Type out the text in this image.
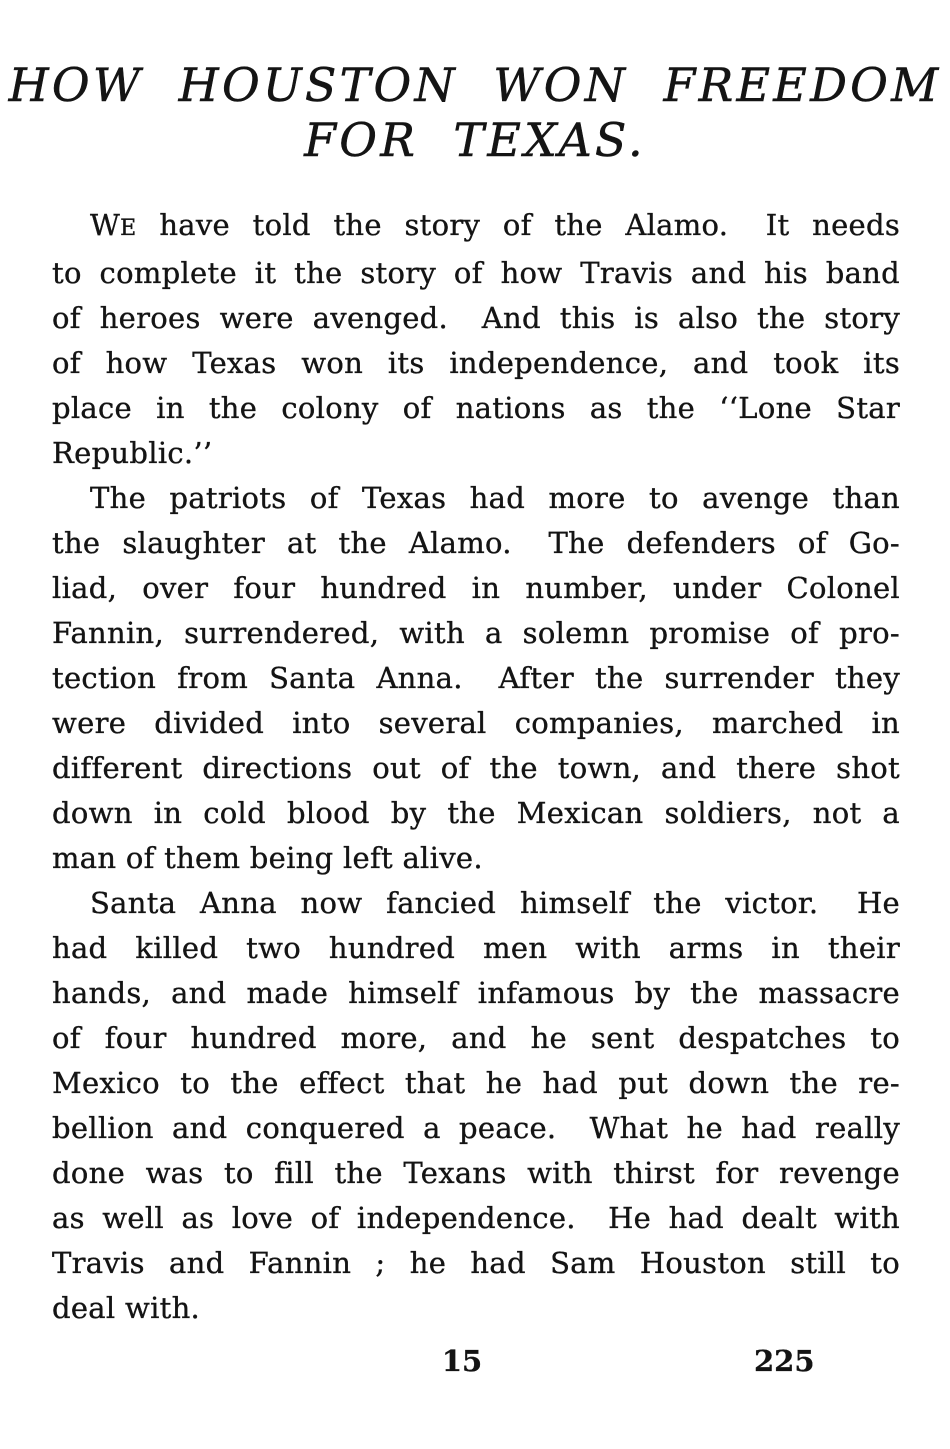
HOW HOUSTON WON FREEDOM
FOR TEXAS.
WE have told the story of the Alamo.  It needs
to complete it the story of how Travis and his band
of heroes were avenged.  And this is also the story
of how Texas won its independence, and took its
place in the colony of nations as the ‘‘Lone Star
Republic.’’
The patriots of Texas had more to avenge than
the slaughter at the Alamo.  The defenders of Go-
liad, over four hundred in number, under Colonel
Fannin, surrendered, with a solemn promise of pro-
tection from Santa Anna.  After the surrender they
were divided into several companies, marched in
different directions out of the town, and there shot
down in cold blood by the Mexican soldiers, not a
man of them being left alive.
Santa Anna now fancied himself the victor.  He
had killed two hundred men with arms in their
hands, and made himself infamous by the massacre
of four hundred more, and he sent despatches to
Mexico to the effect that he had put down the re-
bellion and conquered a peace.  What he had really
done was to fill the Texans with thirst for revenge
as well as love of independence.  He had dealt with
Travis and Fannin ; he had Sam Houston still to
deal with.
15	225
